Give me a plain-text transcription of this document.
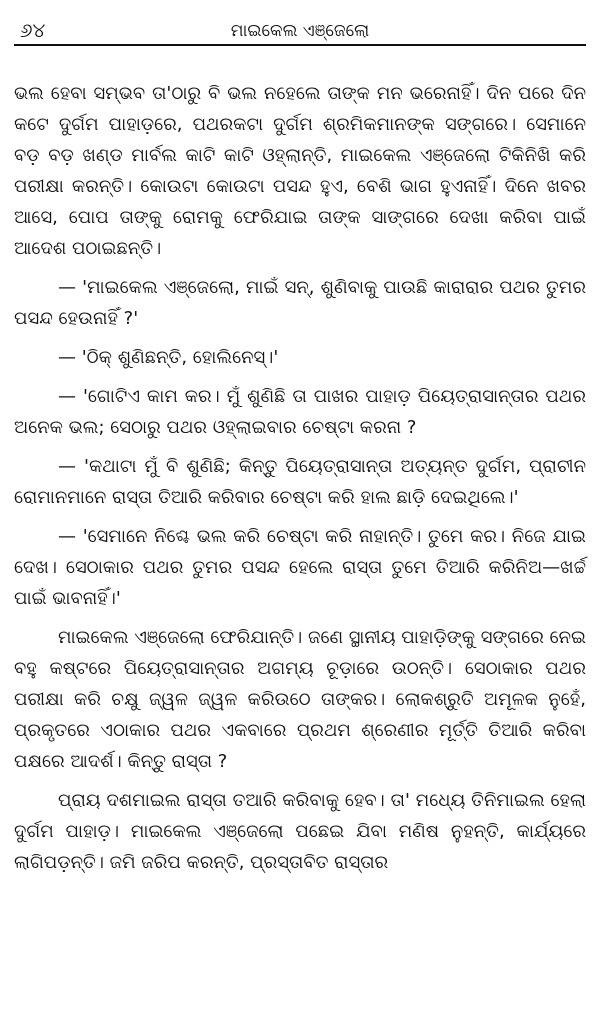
୬୪	ମାଇକେଲ ଏଞ୍ଜେଲୋ

ଭଲ ହେବା ସମ୍ଭବ ତା'ଠାରୁ ବି ଭଲ ନହେଲେ ତାଙ୍କ ମନ ଭରେନାହିଁ। ଦିନ ପରେ ଦିନ କଟେ ଦୁର୍ଗମ ପାହାଡ଼ରେ, ପଥରକଟା ଦୁର୍ଗମ ଶ୍ରମିକମାନଙ୍କ ସଙ୍ଗରେ। ସେମାନେ ବଡ଼ ବଡ଼ ଖଣ୍ଡ ମାର୍ବଲ କାଟି କାଟି ଓହ୍ଲାନ୍ତି, ମାଇକେଲ ଏଞ୍ଜେଲୋ ଟିକିନିଖି କରି ପରୀକ୍ଷା କରନ୍ତି। କୋଉଟା କୋଉଟା ପସନ୍ଦ ହୁଏ, ବେଶି ଭାଗ ହୁଏନାହିଁ। ଦିନେ ଖବର ଆସେ, ପୋପ ତାଙ୍କୁ ରୋମକୁ ଫେରିଯାଇ ତାଙ୍କ ସାଙ୍ଗରେ ଦେଖା କରିବା ପାଇଁ ଆଦେଶ ପଠାଇଛନ୍ତି।

— 'ମାଇକେଲ ଏଞ୍ଜେଲୋ, ମାଇଁ ସନ୍, ଶୁଣିବାକୁ ପାଉଛି କାରାରାର ପଥର ତୁମର ପସନ୍ଦ ହେଉନାହିଁ ?'

— 'ଠିକ୍ ଶୁଣିଛନ୍ତି, ହୋଲିନେସ୍।'

— 'ଗୋଟିଏ କାମ କର। ମୁଁ ଶୁଣିଛି ତା ପାଖର ପାହାଡ଼ ପିୟେତ୍ରାସାନ୍ତାର ପଥର ଅନେକ ଭଲ; ସେଠାରୁ ପଥର ଓହ୍ଲାଇବାର ଚେଷ୍ଟା କରନା ?

— 'କଥାଟା ମୁଁ ବି ଶୁଣିଛି; କିନ୍ତୁ ପିୟେତ୍ରାସାନ୍ତା ଅତ୍ୟନ୍ତ ଦୁର୍ଗମ, ପ୍ରାଚୀନ ରୋମାନମାନେ ରାସ୍ତା ତିଆରି କରିବାର ଚେଷ୍ଟା କରି ହାଲ ଛାଡ଼ି ଦେଇଥିଲେ।'

— 'ସେମାନେ ନିଶ୍ଚେ ଭଲ କରି ଚେଷ୍ଟା କରି ନାହାନ୍ତି। ତୁମେ କର। ନିଜେ ଯାଇ ଦେଖ। ସେଠାକାର ପଥର ତୁମର ପସନ୍ଦ ହେଲେ ରାସ୍ତା ତୁମେ ତିଆରି କରିନିଅ—ଖର୍ଚ୍ଚ ପାଇଁ ଭାବନାହିଁ।'

ମାଇକେଲ ଏଞ୍ଜେଲୋ ଫେରିଯାନ୍ତି। ଜଣେ ସ୍ଥାନୀୟ ପାହାଡ଼ିଙ୍କୁ ସଙ୍ଗରେ ନେଇ ବହୁ କଷ୍ଟରେ ପିୟେତ୍ରାସାନ୍ତାର ଅଗମ୍ୟ ଚୂଡ଼ାରେ ଉଠନ୍ତି। ସେଠାକାର ପଥର ପରୀକ୍ଷା କରି ଚକ୍ଷୁ ଜ୍ୱଳ ଜ୍ୱଳ କରିଉଠେ ତାଙ୍କର। ଲୋକଶ୍ରୁତି ଅମୂଳକ ନୁହେଁ, ପ୍ରକୃତରେ ଏଠାକାର ପଥର ଏକବାରେ ପ୍ରଥମ ଶ୍ରେଣୀର ମୂର୍ତ୍ତି ତିଆରି କରିବା ପକ୍ଷରେ ଆଦର୍ଶ। କିନ୍ତୁ ରାସ୍ତା ?

ପ୍ରାୟ ଦଶମାଇଲ ରାସ୍ତା ତଆରି କରିବାକୁ ହେବ। ତା' ମଧ୍ୟେ ତିନିମାଇଲ ହେଲା ଦୁର୍ଗମ ପାହାଡ଼। ମାଇକେଲ ଏଞ୍ଜେଲୋ ପଛେଇ ଯିବା ମଣିଷ ନୁହନ୍ତି, କାର୍ଯ୍ୟରେ ଲାଗିପଡ଼ନ୍ତି। ଜମି ଜରିପ କରନ୍ତି, ପ୍ରସ୍ତାବିତ ରାସ୍ତାର
